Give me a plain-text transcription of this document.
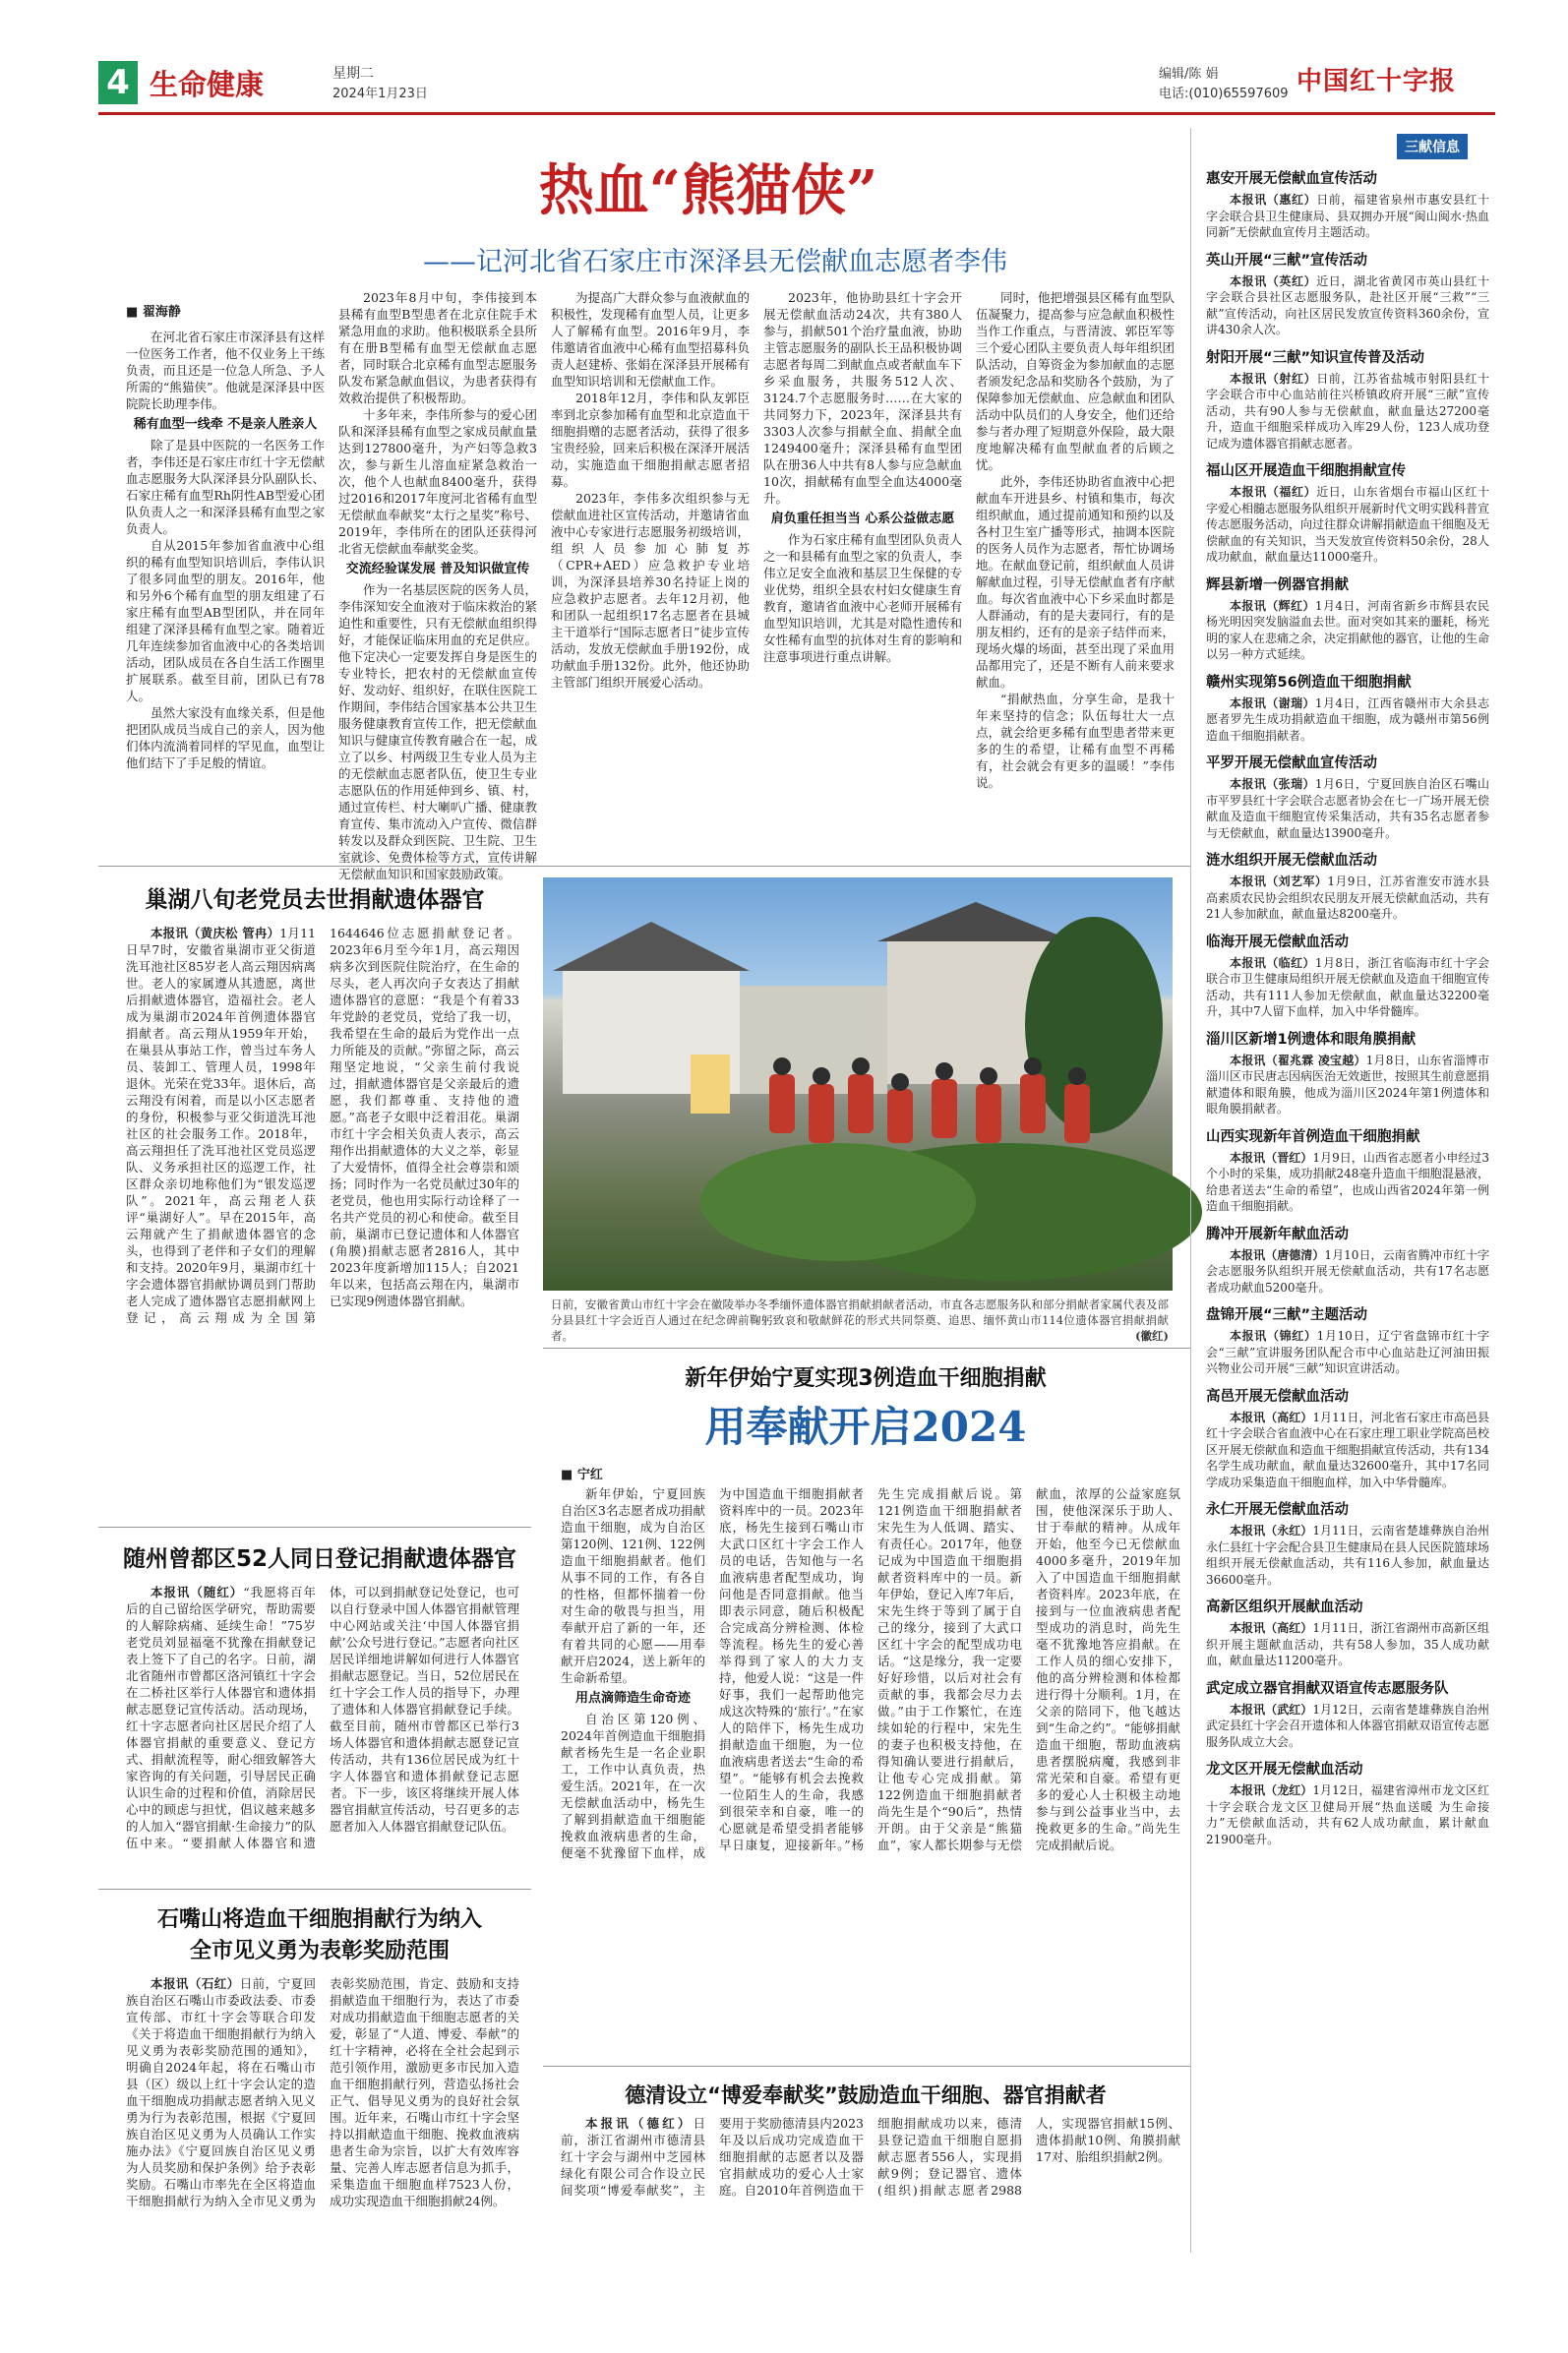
4 生命健康	星期二
2024年1月23日
编辑/陈 娟
电话:(010)65597609 中国红十字报
热血“熊猫侠”
——记河北省石家庄市深泽县无偿献血志愿者李伟
■ 翟海静

在河北省石家庄市深泽县有这样一位医务工作者，他不仅业务上干练负责，而且还是一位急人所急、予人所需的“熊猫侠”。他就是深泽县中医院院长助理李伟。

稀有血型一线牵 不是亲人胜亲人

除了是县中医院的一名医务工作者，李伟还是石家庄市红十字无偿献血志愿服务大队深泽县分队副队长、石家庄稀有血型Rh阴性AB型爱心团队负责人之一和深泽县稀有血型之家负责人。

自从2015年参加省血液中心组织的稀有血型知识培训后，李伟认识了很多同血型的朋友。2016年，他和另外6个稀有血型的朋友组建了石家庄稀有血型AB型团队，并在同年组建了深泽县稀有血型之家。随着近几年连续参加省血液中心的各类培训活动，团队成员在各自生活工作圈里扩展联系。截至目前，团队已有78人。

虽然大家没有血缘关系，但是他把团队成员当成自己的亲人，因为他们体内流淌着同样的罕见血，血型让他们结下了手足般的情谊。

2023年8月中旬，李伟接到本县稀有血型B型患者在北京住院手术紧急用血的求助。他积极联系全县所有在册B型稀有血型无偿献血志愿者，同时联合北京稀有血型志愿服务队发布紧急献血倡议，为患者获得有效救治提供了积极帮助。

十多年来，李伟所参与的爱心团队和深泽县稀有血型之家成员献血量达到127800毫升，为产妇等急救3次，参与新生儿溶血症紧急救治一次，他个人也献血8400毫升，获得过2016和2017年度河北省稀有血型无偿献血奉献奖“太行之星奖”称号、2019年，李伟所在的团队还获得河北省无偿献血奉献奖金奖。

交流经验谋发展 普及知识做宣传

作为一名基层医院的医务人员，李伟深知安全血液对于临床救治的紧迫性和重要性，只有无偿献血组织得好，才能保证临床用血的充足供应。他下定决心一定要发挥自身是医生的专业特长，把农村的无偿献血宣传好、发动好、组织好，在联住医院工作期间，李伟结合国家基本公共卫生服务健康教育宣传工作，把无偿献血知识与健康宣传教育融合在一起，成立了以乡、村两级卫生专业人员为主的无偿献血志愿者队伍，使卫生专业志愿队伍的作用延伸到乡、镇、村，通过宣传栏、村大喇叭广播、健康教育宣传、集市流动入户宣传、微信群转发以及群众到医院、卫生院、卫生室就诊、免费体检等方式，宣传讲解无偿献血知识和国家鼓励政策。

为提高广大群众参与血液献血的积极性，发现稀有血型人员，让更多人了解稀有血型。2016年9月，李伟邀请省血液中心稀有血型招募科负责人赵建桥、张娟在深泽县开展稀有血型知识培训和无偿献血工作。

2018年12月，李伟和队友郭臣率到北京参加稀有血型和北京造血干细胞捐赠的志愿者活动，获得了很多宝贵经验，回来后积极在深泽开展活动，实施造血干细胞捐献志愿者招募。

2023年，李伟多次组织参与无偿献血进社区宣传活动，并邀请省血液中心专家进行志愿服务初级培训，组织人员参加心肺复苏（CPR+AED）应急救护专业培训，为深泽县培养30名持证上岗的应急救护志愿者。去年12月初，他和团队一起组织17名志愿者在县城主干道举行“国际志愿者日”徒步宣传活动，发放无偿献血手册192份，成功献血手册132份。此外，他还协助主管部门组织开展爱心活动。

2023年，他协助县红十字会开展无偿献血活动24次，共有380人参与，捐献501个治疗量血液，协助主管志愿服务的副队长王品积极协调志愿者每周二到献血点或者献血车下乡采血服务，共服务512人次、3124.7个志愿服务时……在大家的共同努力下，2023年，深泽县共有3303人次参与捐献全血、捐献全血1249400毫升；深泽县稀有血型团队在册36人中共有8人参与应急献血10次，捐献稀有血型全血达4000毫升。

肩负重任担当当 心系公益做志愿

作为石家庄稀有血型团队负责人之一和县稀有血型之家的负责人，李伟立足安全血液和基层卫生保健的专业优势，组织全县农村妇女健康生育教育，邀请省血液中心老师开展稀有血型知识培训，尤其是对隐性遗传和女性稀有血型的抗体对生育的影响和注意事项进行重点讲解。

同时，他把增强县区稀有血型队伍凝聚力，提高参与应急献血积极性当作工作重点，与晋清波、郭臣军等三个爱心团队主要负责人每年组织团队活动，自筹资金为参加献血的志愿者颁发纪念品和奖励各个鼓励，为了保障参加无偿献血、应急献血和团队活动中队员们的人身安全，他们还给参与者办理了短期意外保险，最大限度地解决稀有血型献血者的后顾之忧。

此外，李伟还协助省血液中心把献血车开进县乡、村镇和集市，每次组织献血，通过提前通知和预约以及各村卫生室广播等形式，抽调本医院的医务人员作为志愿者，帮忙协调场地。在献血登记前，组织献血人员讲解献血过程，引导无偿献血者有序献血。每次省血液中心下乡采血时都是人群涌动，有的是夫妻同行，有的是朋友相约，还有的是亲子结伴而来，现场火爆的场面，甚至出现了采血用品都用完了，还是不断有人前来要求献血。

“捐献热血，分享生命，是我十年来坚持的信念；队伍每壮大一点点，就会给更多稀有血型患者带来更多的生的希望，让稀有血型不再稀有，社会就会有更多的温暖！”李伟说。

巢湖八旬老党员去世捐献遗体器官

本报讯（黄庆松 管冉）1月11日早7时，安徽省巢湖市亚父街道洗耳池社区85岁老人高云翔因病离世。老人的家属遵从其遗愿，离世后捐献遗体器官，造福社会。老人成为巢湖市2024年首例遗体器官捐献者。高云翔从1959年开始，在巢县从事站工作，曾当过车务人员、装卸工、管理人员，1998年退休。光荣在党33年。退休后，高云翔没有闲着，而是以小区志愿者的身份，积极参与亚父街道洗耳池社区的社会服务工作。2018年，高云翔担任了洗耳池社区党员巡逻队、义务承担社区的巡逻工作，社区群众亲切地称他们为“银发巡逻队”。2021年，高云翔老人获评“巢湖好人”。早在2015年，高云翔就产生了捐献遗体器官的念头，也得到了老伴和子女们的理解和支持。2020年9月，巢湖市红十字会遗体器官捐献协调员到门帮助老人完成了遗体器官志愿捐献网上登记，高云翔成为全国第1644646位志愿捐献登记者。2023年6月至今年1月，高云翔因病多次到医院住院治疗，在生命的尽头，老人再次向子女表达了捐献遗体器官的意愿：“我是个有着33年党龄的老党员，党给了我一切，我希望在生命的最后为党作出一点力所能及的贡献。”弥留之际，高云翔坚定地说，“父亲生前付我说过，捐献遗体器官是父亲最后的遗愿，我们都尊重、支持他的遗愿。”高老子女眼中泛着泪花。巢湖市红十字会相关负责人表示，高云翔作出捐献遗体的大义之举，彰显了大爱情怀，值得全社会尊崇和颂扬；同时作为一名党员献过30年的老党员，他也用实际行动诠释了一名共产党员的初心和使命。截至目前，巢湖市已登记遗体和人体器官(角膜)捐献志愿者2816人，其中2023年度新增加115人；自2021年以来，包括高云翔在内，巢湖市已实现9例遗体器官捐献。	日前，安徽省黄山市红十字会在徽陵举办冬季缅怀遗体器官捐献捐献者活动，市直各志愿服务队和部分捐献者家属代表及部分县县红十字会近百人通过在纪念碑前鞠躬致哀和敬献鲜花的形式共同祭奠、追思、缅怀黄山市114位遗体器官捐献捐献者。	(徽红)
新年伊始宁夏实现3例造血干细胞捐献
用奉献开启2024
■ 宁红

新年伊始，宁夏回族自治区3名志愿者成功捐献造血干细胞，成为自治区第120例、121例、122例造血干细胞捐献者。他们从事不同的工作，有各自的性格，但都怀揣着一份对生命的敬畏与担当，用奉献开启了新的一年，还有着共同的心愿——用奉献开启2024，送上新年的生命新希望。

用点滴筛造生命奇迹

自治区第120例、2024年首例造血干细胞捐献者杨先生是一名企业职工，工作中认真负责，热爱生活。2021年，在一次无偿献血活动中，杨先生了解到捐献造血干细胞能挽救血液病患者的生命，便毫不犹豫留下血样，成为中国造血干细胞捐献者资料库中的一员。2023年底，杨先生接到石嘴山市大武口区红十字会工作人员的电话，告知他与一名血液病患者配型成功，询问他是否同意捐献。他当即表示同意，随后积极配合完成高分辨检测、体检等流程。杨先生的爱心善举得到了家人的大力支持，他爱人说：“这是一件好事，我们一起帮助他完成这次特殊的‘旅行’。”在家人的陪伴下，杨先生成功捐献造血干细胞，为一位血液病患者送去“生命的希望”。“能够有机会去挽救一位陌生人的生命，我感到很荣幸和自豪，唯一的心愿就是希望受捐者能够早日康复，迎接新年。”杨先生完成捐献后说。第121例造血干细胞捐献者宋先生为人低调、踏实、有责任心。2017年，他登记成为中国造血干细胞捐献者资料库中的一员。新年伊始，登记入库7年后，宋先生终于等到了属于自己的缘分，接到了大武口区红十字会的配型成功电话。“这是缘分，我一定要好好珍惜，以后对社会有贡献的事，我都会尽力去做。”由于工作繁忙，在连续如轮的行程中，宋先生的妻子也积极支持他，在得知确认要进行捐献后，让他专心完成捐献。第122例造血干细胞捐献者尚先生是个“90后”，热情开朗。由于父亲是“熊猫血”，家人都长期参与无偿献血，浓厚的公益家庭氛围，使他深深乐于助人、甘于奉献的精神。从成年开始，他至今已无偿献血4000多毫升，2019年加入了中国造血干细胞捐献者资料库。2023年底，在接到与一位血液病患者配型成功的消息时，尚先生毫不犹豫地答应捐献。在工作人员的细心安排下，他的高分辨检测和体检都进行得十分顺利。1月，在父亲的陪同下，他飞越达到“生命之约”。“能够捐献造血干细胞，帮助血液病患者摆脱病魔，我感到非常光荣和自豪。希望有更多的爱心人士积极主动地参与到公益事业当中，去挽救更多的生命。”尚先生完成捐献后说。

随州曾都区52人同日登记捐献遗体器官

本报讯（随红）“我愿将百年后的自己留给医学研究，帮助需要的人解除病痛、延续生命！”75岁老党员刘显福毫不犹豫在捐献登记表上签下了自己的名字。日前，湖北省随州市曾都区洛河镇红十字会在二桥社区举行人体器官和遗体捐献志愿登记宣传活动。活动现场，红十字志愿者向社区居民介绍了人体器官捐献的重要意义、登记方式、捐献流程等，耐心细致解答大家咨询的有关问题，引导居民正确认识生命的过程和价值，消除居民心中的顾虑与担忧，倡议越来越多的人加入“器官捐献·生命接力”的队伍中来。“要捐献人体器官和遗体，可以到捐献登记处登记，也可以自行登录中国人体器官捐献管理中心网站或关注‘中国人体器官捐献’公众号进行登记。”志愿者向社区居民详细地讲解如何进行人体器官捐献志愿登记。当日，52位居民在红十字会工作人员的指导下，办理了遗体和人体器官捐献登记手续。截至目前，随州市曾都区已举行3场人体器官和遗体捐献志愿登记宣传活动，共有136位居民成为红十字人体器官和遗体捐献登记志愿者。下一步，该区将继续开展人体器官捐献宣传活动，号召更多的志愿者加入人体器官捐献登记队伍。

石嘴山将造血干细胞捐献行为纳入
全市见义勇为表彰奖励范围

本报讯（石红）日前，宁夏回族自治区石嘴山市委政法委、市委宣传部、市红十字会等联合印发《关于将造血干细胞捐献行为纳入见义勇为表彰奖励范围的通知》，明确自2024年起，将在石嘴山市县（区）级以上红十字会认定的造血干细胞成功捐献志愿者纳入见义勇为行为表彰范围，根据《宁夏回族自治区见义勇为人员确认工作实施办法》《宁夏回族自治区见义勇为人员奖励和保护条例》给予表彰奖励。石嘴山市率先在全区将造血干细胞捐献行为纳入全市见义勇为表彰奖励范围，肯定、鼓励和支持捐献造血干细胞行为，表达了市委对成功捐献造血干细胞志愿者的关爱，彰显了“人道、博爱、奉献”的红十字精神，必将在全社会起到示范引领作用，激励更多市民加入造血干细胞捐献行列，营造弘扬社会正气、倡导见义勇为的良好社会氛围。近年来，石嘴山市红十字会坚持以捐献造血干细胞、挽救血液病患者生命为宗旨，以扩大有效库容量、完善人库志愿者信息为抓手，采集造血干细胞血样7523人份，成功实现造血干细胞捐献24例。

德清设立“博爱奉献奖”鼓励造血干细胞、器官捐献者

本报讯（德红）日前，浙江省湖州市德清县红十字会与湖州中芝园林绿化有限公司合作设立民间奖项“博爱奉献奖”，主要用于奖励德清县内2023年及以后成功完成造血干细胞捐献的志愿者以及器官捐献成功的爱心人士家庭。自2010年首例造血干细胞捐献成功以来，德清县登记造血干细胞自愿捐献志愿者556人，实现捐献9例；登记器官、遗体(组织)捐献志愿者2988人，实现器官捐献15例、遗体捐献10例、角膜捐献17对、胎组织捐献2例。

三献信息
惠安开展无偿献血宣传活动

本报讯（惠红）日前，福建省泉州市惠安县红十字会联合县卫生健康局、县双拥办开展“闽山闽水·热血同新”无偿献血宣传月主题活动。

英山开展“三献”宣传活动

本报讯（英红）近日，湖北省黄冈市英山县红十字会联合县社区志愿服务队，赴社区开展“三救”“三献”宣传活动，向社区居民发放宣传资料360余份，宣讲430余人次。

射阳开展“三献”知识宣传普及活动

本报讯（射红）日前，江苏省盐城市射阳县红十字会联合市中心血站前往兴桥镇政府开展“三献”宣传活动，共有90人参与无偿献血，献血量达27200毫升，造血干细胞采样成功入库29人份，123人成功登记成为遗体器官捐献志愿者。

福山区开展造血干细胞捐献宣传

本报讯（福红）近日，山东省烟台市福山区红十字爱心相髓志愿服务队组织开展新时代文明实践科普宣传志愿服务活动，向过往群众讲解捐献造血干细胞及无偿献血的有关知识，当天发放宣传资料50余份，28人成功献血，献血量达11000毫升。

辉县新增一例器官捐献

本报讯（辉红）1月4日，河南省新乡市辉县农民杨光明因突发脑溢血去世。面对突如其来的噩耗，杨光明的家人在悲痛之余，决定捐献他的器官，让他的生命以另一种方式延续。

赣州实现第56例造血干细胞捐献

本报讯（谢瑞）1月4日，江西省赣州市大余县志愿者罗先生成功捐献造血干细胞，成为赣州市第56例造血干细胞捐献者。

平罗开展无偿献血宣传活动

本报讯（张瑞）1月6日，宁夏回族自治区石嘴山市平罗县红十字会联合志愿者协会在七一广场开展无偿献血及造血干细胞宣传采集活动，共有35名志愿者参与无偿献血，献血量达13900毫升。

涟水组织开展无偿献血活动

本报讯（刘艺军）1月9日，江苏省淮安市涟水县高素质农民协会组织农民朋友开展无偿献血活动，共有21人参加献血，献血量达8200毫升。

临海开展无偿献血活动

本报讯（临红）1月8日，浙江省临海市红十字会联合市卫生健康局组织开展无偿献血及造血干细胞宣传活动，共有111人参加无偿献血，献血量达32200毫升，其中7人留下血样，加入中华骨髓库。

淄川区新增1例遗体和眼角膜捐献

本报讯（翟兆霖 凌宝越）1月8日，山东省淄博市淄川区市民唐志因病医治无效逝世，按照其生前意愿捐献遗体和眼角膜，他成为淄川区2024年第1例遗体和眼角膜捐献者。

山西实现新年首例造血干细胞捐献

本报讯（晋红）1月9日，山西省志愿者小申经过3个小时的采集，成功捐献248毫升造血干细胞混悬液，给患者送去“生命的希望”，也成山西省2024年第一例造血干细胞捐献。

腾冲开展新年献血活动

本报讯（唐德清）1月10日，云南省腾冲市红十字会志愿服务队组织开展无偿献血活动，共有17名志愿者成功献血5200毫升。

盘锦开展“三献”主题活动

本报讯（锦红）1月10日，辽宁省盘锦市红十字会“三献”宣讲服务团队配合市中心血站赴辽河油田振兴物业公司开展“三献”知识宣讲活动。

高邑开展无偿献血活动

本报讯（高红）1月11日，河北省石家庄市高邑县红十字会联合省血液中心在石家庄理工职业学院高邑校区开展无偿献血和造血干细胞捐献宣传活动，共有134名学生成功献血，献血量达32600毫升，其中17名同学成功采集造血干细胞血样，加入中华骨髓库。

永仁开展无偿献血活动

本报讯（永红）1月11日，云南省楚雄彝族自治州永仁县红十字会配合县卫生健康局在县人民医院篮球场组织开展无偿献血活动，共有116人参加，献血量达36600毫升。

高新区组织开展献血活动

本报讯（高红）1月11日，浙江省湖州市高新区组织开展主题献血活动，共有58人参加，35人成功献血，献血量达11200毫升。

武定成立器官捐献双语宣传志愿服务队

本报讯（武红）1月12日，云南省楚雄彝族自治州武定县红十字会召开遗体和人体器官捐献双语宣传志愿服务队成立大会。

龙文区开展无偿献血活动

本报讯（龙红）1月12日，福建省漳州市龙文区红十字会联合龙文区卫健局开展“热血送暖 为生命接力”无偿献血活动，共有62人成功献血，累计献血21900毫升。
